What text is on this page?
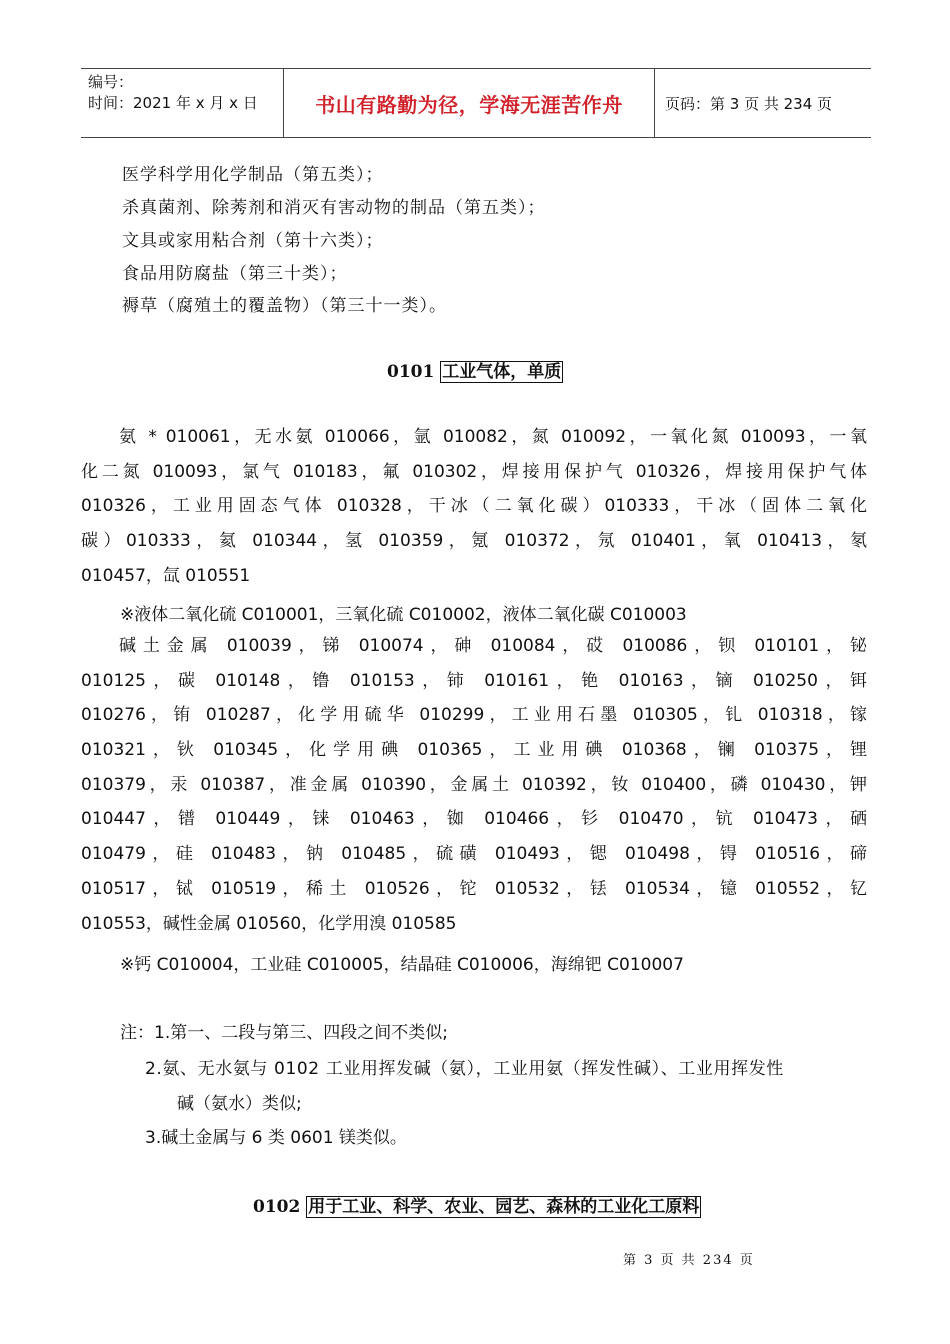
编号：
时间：2021 年 x 月 x 日	书山有路勤为径，学海无涯苦作舟	页码：第 3 页 共 234 页
医学科学用化学制品（第五类）；
杀真菌剂、除莠剂和消灭有害动物的制品（第五类）；
文具或家用粘合剂（第十六类）；
食品用防腐盐（第三十类）；
褥草（腐殖土的覆盖物）（第三十一类）。
0101 工业气体，单质
氨 * 010061，无水氨 010066，氩 010082，氮 010092，一氧化氮 010093，一氧
化二氮 010093，氯气 010183，氟 010302，焊接用保护气 010326，焊接用保护气体
010326，工业用固态气体 010328，干冰（二氧化碳）010333，干冰（固体二氧化
碳）010333，氦 010344，氢 010359，氪 010372，氖 010401，氧 010413，氡
010457，氙 010551
※液体二氧化硫 C010001，三氧化硫 C010002，液体二氧化碳 C010003
碱土金属 010039，锑 010074，砷 010084，砹 010086，钡 010101，铋
010125，碳 010148，镥 010153，铈 010161，铯 010163，镝 010250，铒
010276，铕 010287，化学用硫华 010299，工业用石墨 010305，钆 010318，镓
010321，钬 010345，化学用碘 010365，工业用碘 010368，镧 010375，锂
010379，汞 010387，准金属 010390，金属土 010392，钕 010400，磷 010430，钾
010447，镨 010449，铼 010463，铷 010466，钐 010470，钪 010473，硒
010479，硅 010483，钠 010485，硫磺 010493，锶 010498，锝 010516，碲
010517，铽 010519，稀土 010526，铊 010532，铥 010534，镱 010552，钇
010553，碱性金属 010560，化学用溴 010585
※钙 C010004，工业硅 C010005，结晶硅 C010006，海绵钯 C010007
注：1.第一、二段与第三、四段之间不类似;
2.氨、无水氨与 0102 工业用挥发碱（氨），工业用氨（挥发性碱）、工业用挥发性
碱（氨水）类似;
3.碱土金属与 6 类 0601 镁类似。
0102 用于工业、科学、农业、园艺、森林的工业化工原料
第 3 页 共 234 页
